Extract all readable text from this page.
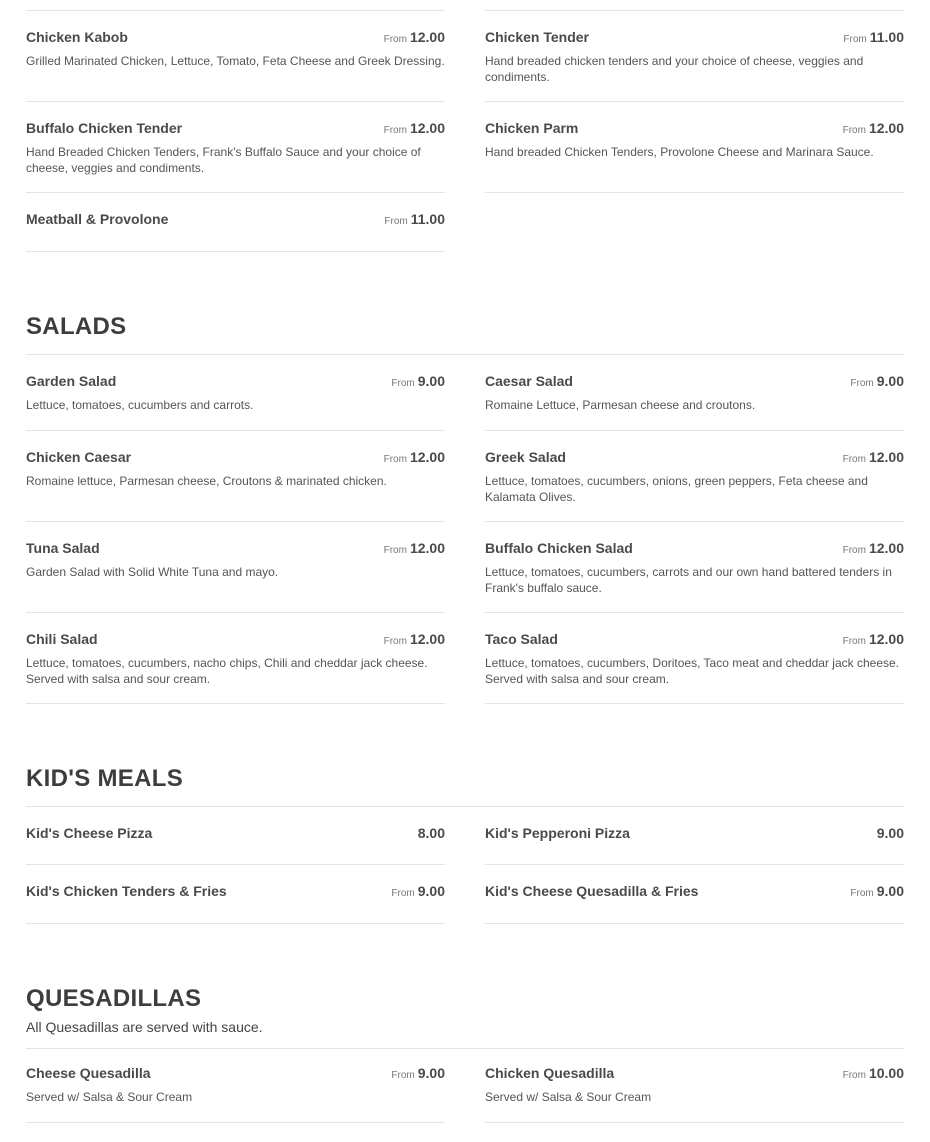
Chicken Kabob	From 12.00
Grilled Marinated Chicken, Lettuce, Tomato, Feta Cheese and Greek Dressing.
Chicken Tender	From 11.00
Hand breaded chicken tenders and your choice of cheese, veggies and condiments.
Buffalo Chicken Tender	From 12.00
Hand Breaded Chicken Tenders, Frank's Buffalo Sauce and your choice of cheese, veggies and condiments.
Chicken Parm	From 12.00
Hand breaded Chicken Tenders, Provolone Cheese and Marinara Sauce.
Meatball & Provolone	From 11.00
SALADS
Garden Salad	From 9.00
Lettuce, tomatoes, cucumbers and carrots.
Caesar Salad	From 9.00
Romaine Lettuce, Parmesan cheese and croutons.
Chicken Caesar	From 12.00
Romaine lettuce, Parmesan cheese, Croutons & marinated chicken.
Greek Salad	From 12.00
Lettuce, tomatoes, cucumbers, onions, green peppers, Feta cheese and Kalamata Olives.
Tuna Salad	From 12.00
Garden Salad with Solid White Tuna and mayo.
Buffalo Chicken Salad	From 12.00
Lettuce, tomatoes, cucumbers, carrots and our own hand battered tenders in Frank's buffalo sauce.
Chili Salad	From 12.00
Lettuce, tomatoes, cucumbers, nacho chips, Chili and cheddar jack cheese. Served with salsa and sour cream.
Taco Salad	From 12.00
Lettuce, tomatoes, cucumbers, Doritoes, Taco meat and cheddar jack cheese. Served with salsa and sour cream.
KID'S MEALS
Kid's Cheese Pizza	8.00	Kid's Pepperoni Pizza	9.00
Kid's Chicken Tenders & Fries	From 9.00	Kid's Cheese Quesadilla & Fries	From 9.00
QUESADILLAS
All Quesadillas are served with sauce.
Cheese Quesadilla	From 9.00
Served w/ Salsa & Sour Cream
Chicken Quesadilla	From 10.00
Served w/ Salsa & Sour Cream
